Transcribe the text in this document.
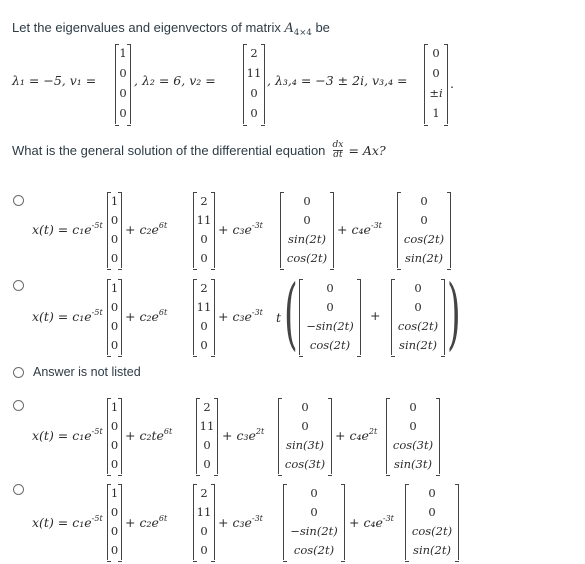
Let the eigenvalues and eigenvectors of matrix $A_{4\times 4}$ be
λ₁ = −5, v₁ =
1
0
0
0
, λ₂ = 6, v₂ =
2
11
0
0
, λ₃,₄ = −3 ± 2i, v₃,₄ =
0
0
±i
1
.
What is the general solution of the differential equation $\frac{dx}{dt} = Ax$?
$x(t) = c_1e^{-5t}$
1
0
0
0
+ $c_2e^{6t}$
2
11
0
0
+ $c_3e^{-3t}$
0
0
sin(2t)
cos(2t)
+ $c_4e^{-3t}$
0
0
cos(2t)
sin(2t)
$x(t) = c_1e^{-5t}$
1
0
0
0
+ $c_2e^{6t}$
2
11
0
0
+ $c_3e^{-3t}$ t ( 0
0
−sin(2t)
cos(2t)
+
0
0
cos(2t)
sin(2t) )
Answer is not listed
$x(t) = c_1e^{-5t}$
1
0
0
0
+ $c_2te^{6t}$
2
11
0
0
+ $c_3e^{2t}$
0
0
sin(3t)
cos(3t)
+ $c_4e^{2t}$
0
0
cos(3t)
sin(3t)
$x(t) = c_1e^{-5t}$
1
0
0
0
+ $c_2e^{6t}$
2
11
0
0
+ $c_3e^{-3t}$
0
0
−sin(2t)
cos(2t)
+ $c_4e^{-3t}$
0
0
cos(2t)
sin(2t)
